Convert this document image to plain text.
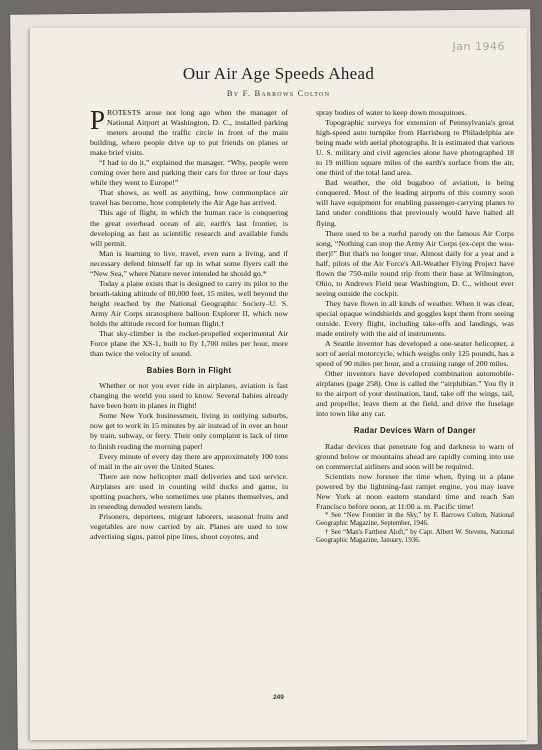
Jan 1946
Our Air Age Speeds Ahead
By F. Barrows Colton

PROTESTS arose not long ago when the manager of National Airport at Washington, D. C., installed parking meters around the traffic circle in front of the main building, where people drive up to put friends on planes or make brief visits.

“I had to do it,” explained the manager. “Why, people were coming over here and parking their cars for three or four days while they went to Europe!”

That shows, as well as anything, how commonplace air travel has become, how completely the Air Age has arrived.

This age of flight, in which the human race is conquering the great overhead ocean of air, earth's last frontier, is developing as fast as scientific research and available funds will permit.

Man is learning to live, travel, even earn a living, and if necessary defend himself far up in what some flyers call the “New Sea,” where Nature never intended he should go.*

Today a plane exists that is designed to carry its pilot to the breath-taking altitude of 80,000 feet, 15 miles, well beyond the height reached by the National Geographic Society–U. S. Army Air Corps stratosphere balloon Explorer II, which now holds the altitude record for human flight.†

That sky-climber is the rocket-propelled experimental Air Force plane the XS-1, built to fly 1,700 miles per hour, more than twice the velocity of sound.

Babies Born in Flight

Whether or not you ever ride in airplanes, aviation is fast changing the world you used to know. Several babies already have been born in planes in flight!

Some New York businessmen, living in outlying suburbs, now get to work in 15 minutes by air instead of in over an hour by train, subway, or ferry. Their only complaint is lack of time to finish reading the morning paper!

Every minute of every day there are approximately 100 tons of mail in the air over the United States.

There are now helicopter mail deliveries and taxi service. Airplanes are used in counting wild ducks and game, in spotting poachers, who sometimes use planes themselves, and in reseeding denuded western lands.

Prisoners, deportees, migrant laborers, seasonal fruits and vegetables are now carried by air. Planes are used to tow advertising signs, patrol pipe lines, shoot coyotes, and

spray bodies of water to keep down mosquitoes.

Topographic surveys for extension of Pennsylvania's great high-speed auto turnpike from Harrisburg to Philadelphia are being made with aerial photographs. It is estimated that various U. S. military and civil agencies alone have photographed 18 to 19 million square miles of the earth's surface from the air, one third of the total land area.

Bad weather, the old bugaboo of aviation, is being conquered. Most of the leading airports of this country soon will have equipment for enabling passenger-carrying planes to land under conditions that previously would have halted all flying.

There used to be a rueful parody on the famous Air Corps song, “Nothing can stop the Army Air Corps (ex-cept the wea-ther)!” But that's no longer true. Almost daily for a year and a half, pilots of the Air Force's All-Weather Flying Project have flown the 750-mile round trip from their base at Wilmington, Ohio, to Andrews Field near Washington, D. C., without ever seeing outside the cockpit.

They have flown in all kinds of weather. When it was clear, special opaque windshields and goggles kept them from seeing outside. Every flight, including take-offs and landings, was made entirely with the aid of instruments.

A Seattle inventor has developed a one-seater helicopter, a sort of aerial motorcycle, which weighs only 125 pounds, has a speed of 90 miles per hour, and a cruising range of 200 miles.

Other inventors have developed combination automobile-airplanes (page 258). One is called the “airphibian.” You fly it to the airport of your destination, land, take off the wings, tail, and propeller, leave them at the field, and drive the fuselage into town like any car.

Radar Devices Warn of Danger

Radar devices that penetrate fog and darkness to warn of ground below or mountains ahead are rapidly coming into use on commercial airliners and soon will be required.

Scientists now foresee the time when, flying in a plane powered by the lightning-fast ramjet engine, you may leave New York at noon eastern standard time and reach San Francisco before noon, at 11:00 a. m. Pacific time!

* See “New Frontier in the Sky,” by F. Barrows Colton, National Geographic Magazine, September, 1946.

† See “Man's Farthest Aloft,” by Capt. Albert W. Stevens, National Geographic Magazine, January, 1936.

249
